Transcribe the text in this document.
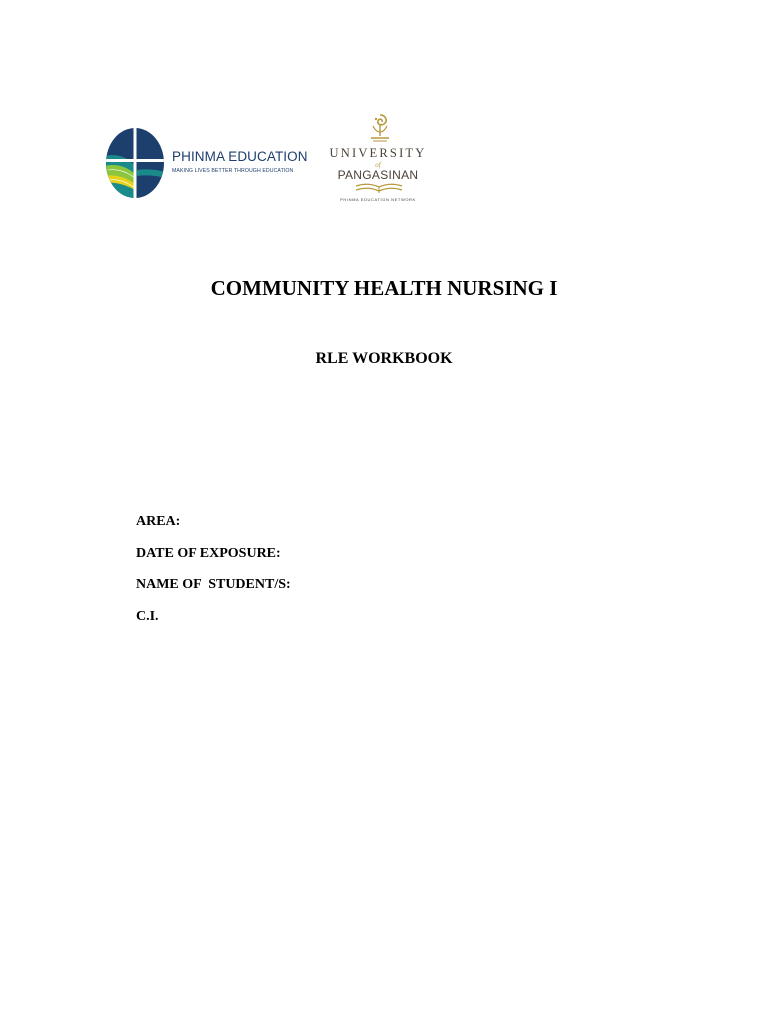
PHINMA EDUCATION
MAKING LIVES BETTER THROUGH EDUCATION
UNIVERSITY
of
PANGASINAN
PHINMA EDUCATION NETWORK
COMMUNITY HEALTH NURSING I
RLE WORKBOOK
AREA:
DATE OF EXPOSURE:
NAME OF  STUDENT/S:
C.I.
